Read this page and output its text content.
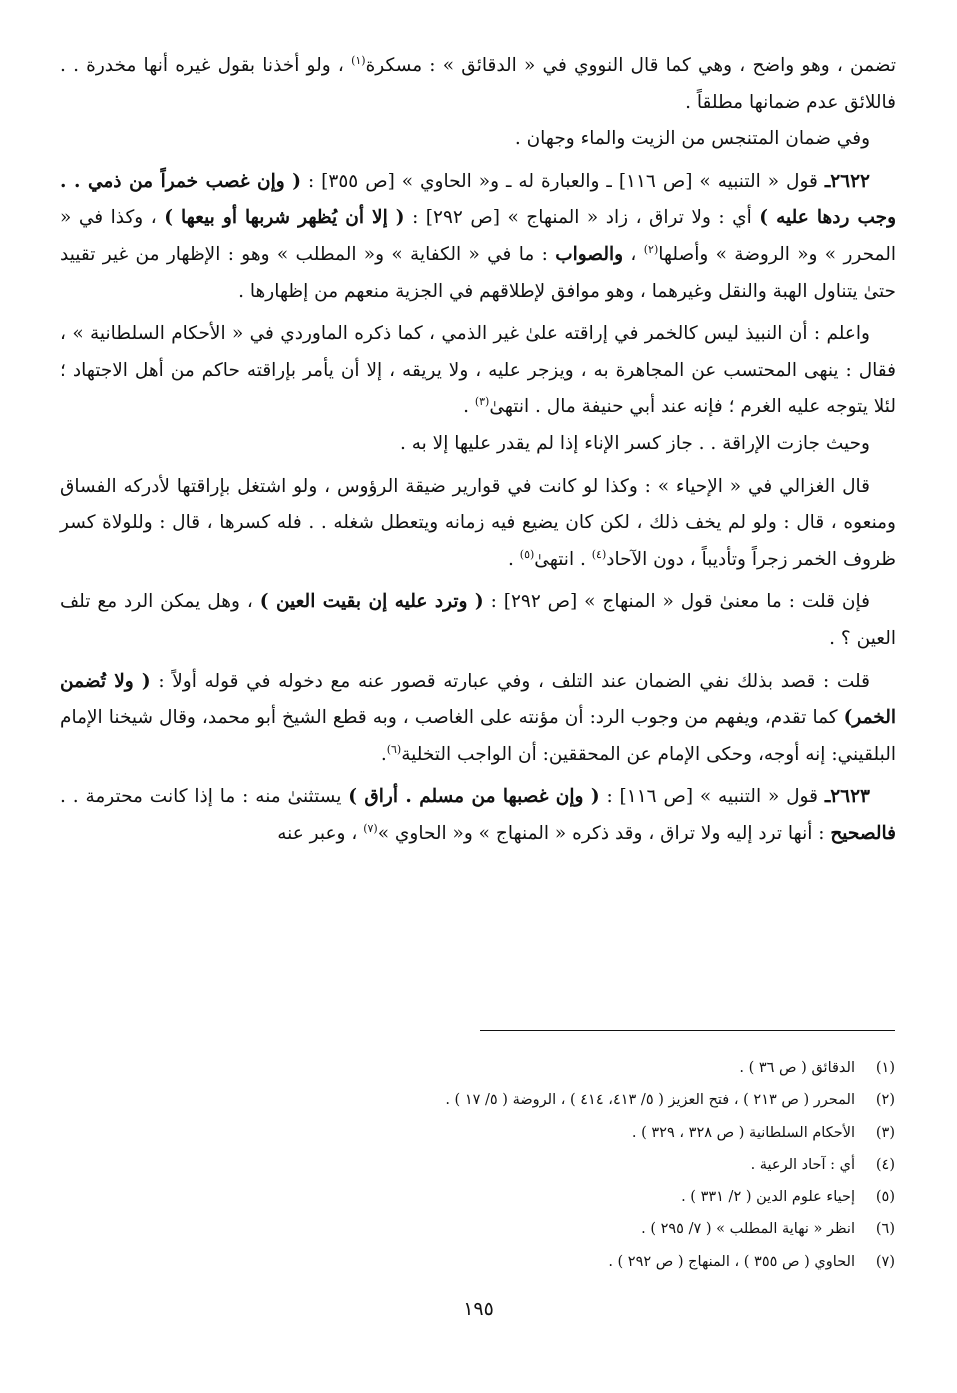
تضمن ، وهو واضح ، وهي كما قال النووي في « الدقائق » : مسكرة$^{(١)}$ ، ولو أخذنا بقول غيره أنها مخدرة . . فاللائق عدم ضمانها مطلقاً .

وفي ضمان المتنجس من الزيت والماء وجهان .

٢٦٢٢ـ قول « التنبيه » [ص ١١٦] ـ والعبارة له ـ و« الحاوي » [ص ٣٥٥] : ( وإن غصب خمراً من ذمي . . وجب ردها عليه ) أي : ولا تراق ، زاد « المنهاج » [ص ٢٩٢] : ( إلا أن يُظهر شربها أو بيعها ) ، وكذا في « المحرر » و« الروضة » وأصلها$^{(٢)}$ ، والصواب : ما في « الكفاية » و« المطلب » وهو : الإظهار من غير تقييد حتىٰ يتناول الهبة والنقل وغيرهما ، وهو موافق لإطلاقهم في الجزية منعهم من إظهارها .

واعلم : أن النبيذ ليس كالخمر في إراقته علىٰ غير الذمي ، كما ذكره الماوردي في « الأحكام السلطانية » ، فقال : ينهى المحتسب عن المجاهرة به ، ويزجر عليه ، ولا يريقه ، إلا أن يأمر بإراقته حاكم من أهل الاجتهاد ؛ لئلا يتوجه عليه الغرم ؛ فإنه عند أبي حنيفة مال . انتهىٰ$^{(٣)}$ .

وحيث جازت الإراقة . . جاز كسر الإناء إذا لم يقدر عليها إلا به .

قال الغزالي في « الإحياء » : وكذا لو كانت في قوارير ضيقة الرؤوس ، ولو اشتغل بإراقتها لأدركه الفساق ومنعوه ، قال : ولو لم يخف ذلك ، لكن كان يضيع فيه زمانه ويتعطل شغله . . فله كسرها ، قال : وللولاة كسر ظروف الخمر زجراً وتأديباً ، دون الآحاد$^{(٤)}$ . انتهىٰ$^{(٥)}$ .

فإن قلت : ما معنىٰ قول « المنهاج » [ص ٢٩٢] : ( وترد عليه إن بقيت العين ) ، وهل يمكن الرد مع تلف العين ؟ .

قلت : قصد بذلك نفي الضمان عند التلف ، وفي عبارته قصور عنه مع دخوله في قوله أولاً : ( ولا تُضمن الخمر) كما تقدم، ويفهم من وجوب الرد: أن مؤنته على الغاصب ، وبه قطع الشيخ أبو محمد، وقال شيخنا الإمام البلقيني: إنه أوجه، وحكى الإمام عن المحققين: أن الواجب التخلية$^{(٦)}$.

٢٦٢٣ـ قول « التنبيه » [ص ١١٦] : ( وإن غصبها من مسلم . أراق ) يستثنىٰ منه : ما إذا كانت محترمة . . فالصحيح : أنها ترد إليه ولا تراق ، وقد ذكره « المنهاج » و« الحاوي »$^{(٧)}$ ، وعبر عنه

(١)الدقائق ( ص ٣٦ ) .
(٢)المحرر ( ص ٢١٣ ) ، فتح العزيز ( ٥/ ٤١٣، ٤١٤ ) ، الروضة ( ٥/ ١٧ ) .
(٣)الأحكام السلطانية ( ص ٣٢٨ ، ٣٢٩ ) .
(٤)أي : آحاد الرعية .
(٥)إحياء علوم الدين ( ٢/ ٣٣١ ) .
(٦)انظر « نهاية المطلب » ( ٧/ ٢٩٥ ) .
(٧)الحاوي ( ص ٣٥٥ ) ، المنهاج ( ص ٢٩٢ ) .
١٩٥
